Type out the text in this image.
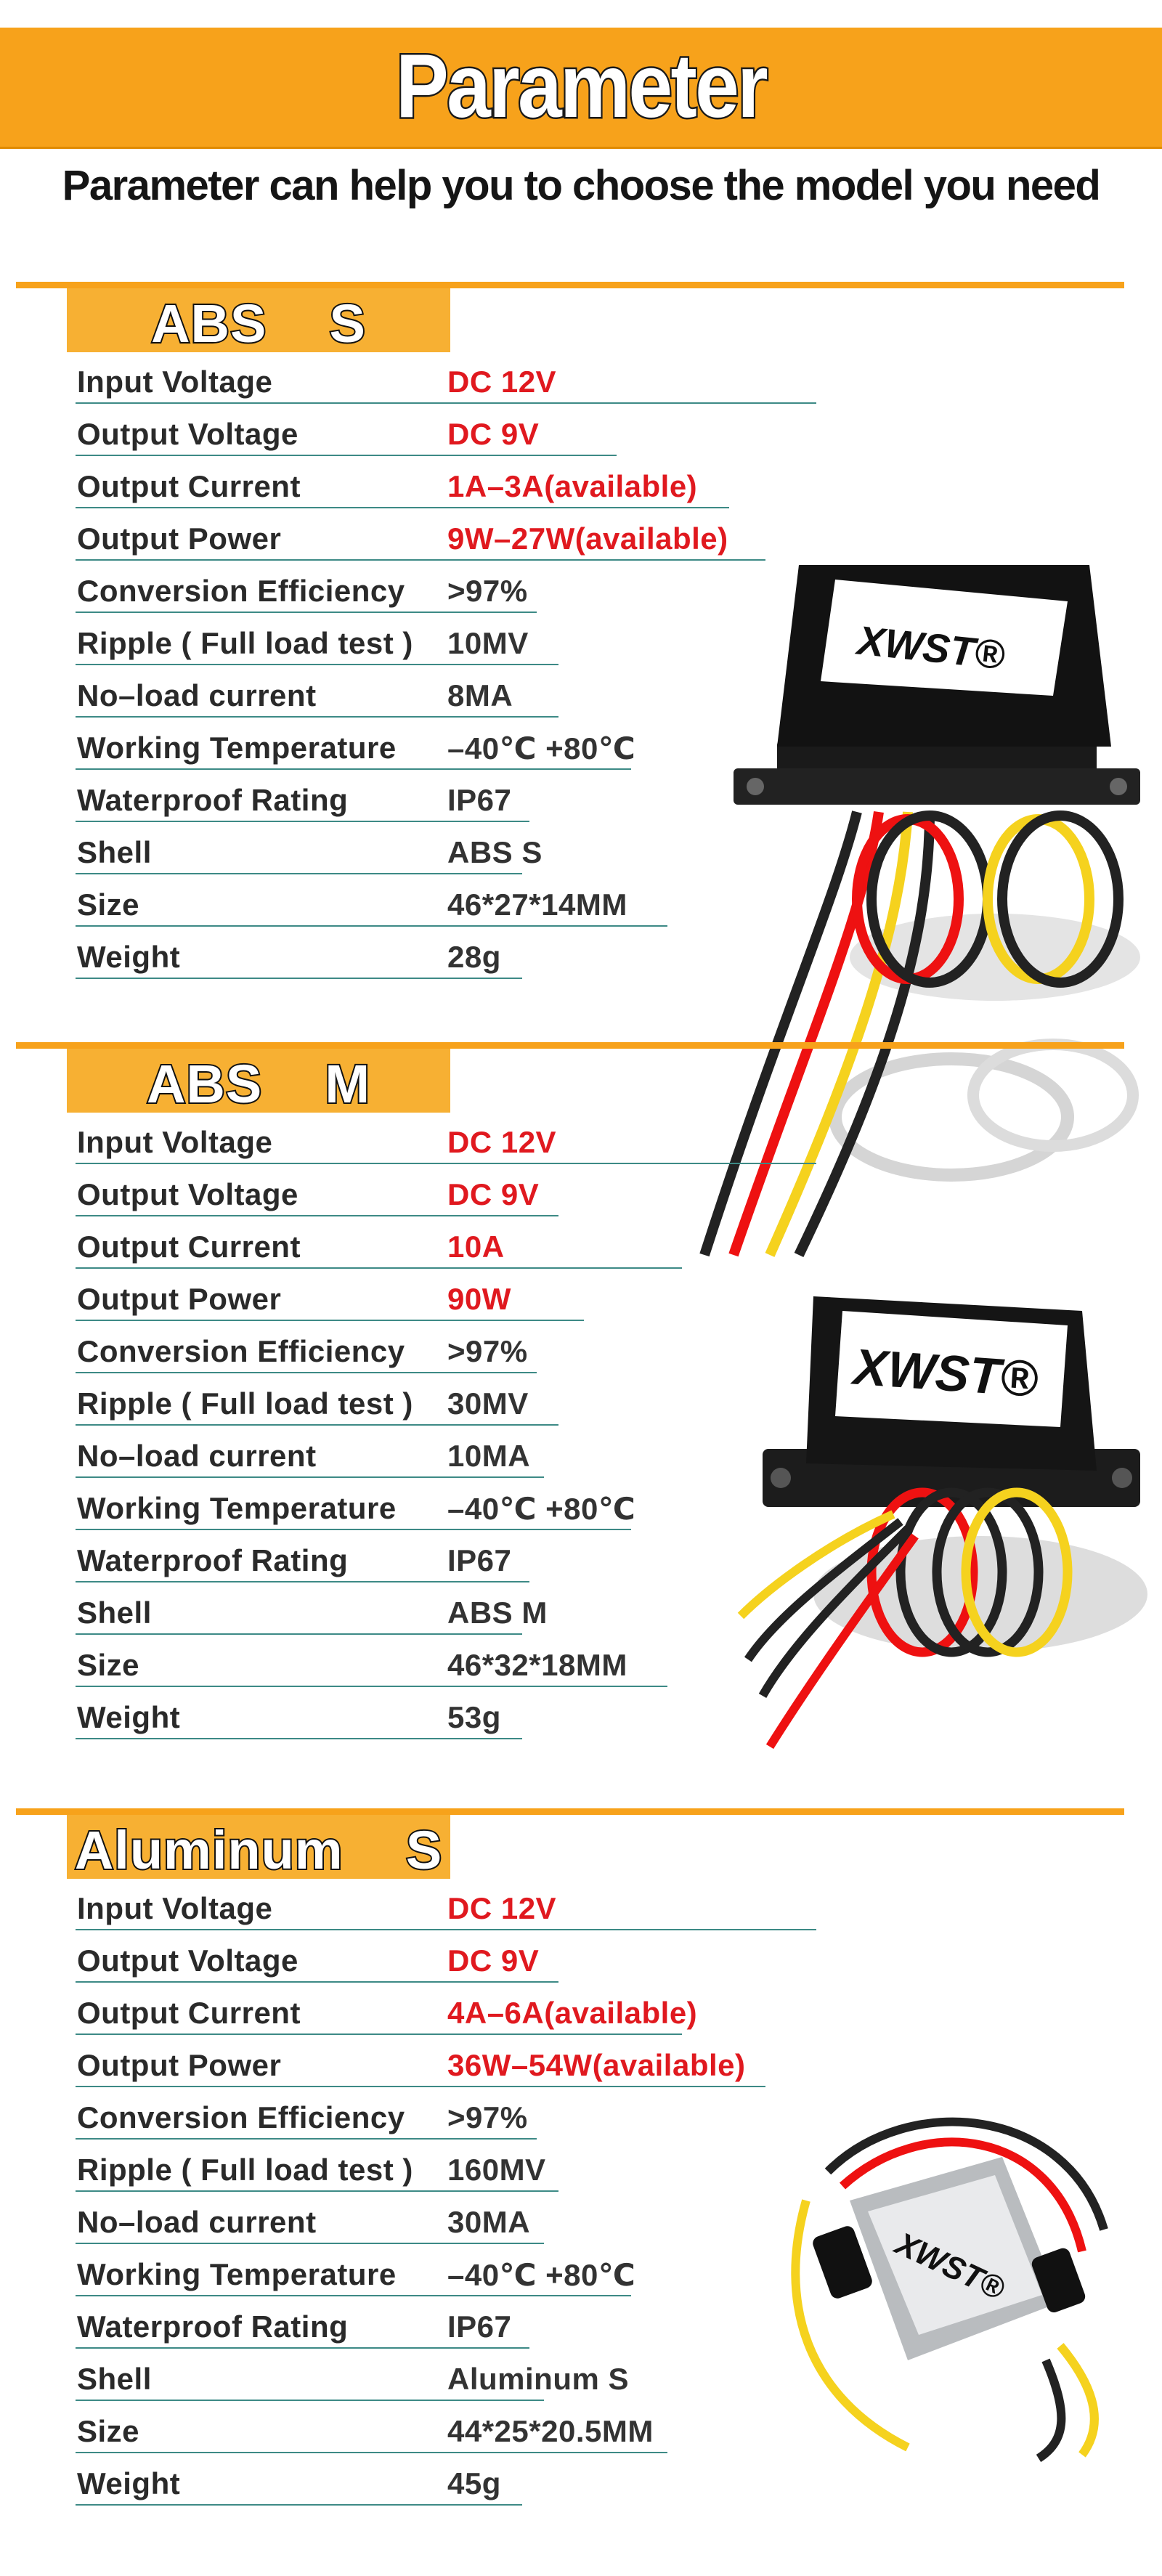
Parameter
Parameter can help you to choose the model you need
ABS    S
Input Voltage	DC 12V
Output Voltage	DC 9V
Output Current	1A–3A(available)
Output Power	9W–27W(available)
Conversion Efficiency >97%
Ripple ( Full load test ) 10MV
No–load current	8MA
Working Temperature –40℃ +80℃
Waterproof Rating	IP67
Shell	ABS S
Size	46*27*14MM
Weight	28g
XWST®
ABS    M
Input Voltage	DC 12V
Output Voltage	DC 9V
Output Current	10A
Output Power	90W
Conversion Efficiency >97%
Ripple ( Full load test ) 30MV
No–load current	10MA
Working Temperature –40℃ +80℃
Waterproof Rating	IP67
Shell	ABS M
Size	46*32*18MM
Weight	53g
XWST®
Aluminum    S
Input Voltage	DC 12V
Output Voltage	DC 9V
Output Current	4A–6A(available)
Output Power	36W–54W(available)
Conversion Efficiency >97%
Ripple ( Full load test ) 160MV
No–load current	30MA
Working Temperature –40℃ +80℃
Waterproof Rating	IP67
Shell	Aluminum S
Size	44*25*20.5MM
Weight	45g
XWST®
